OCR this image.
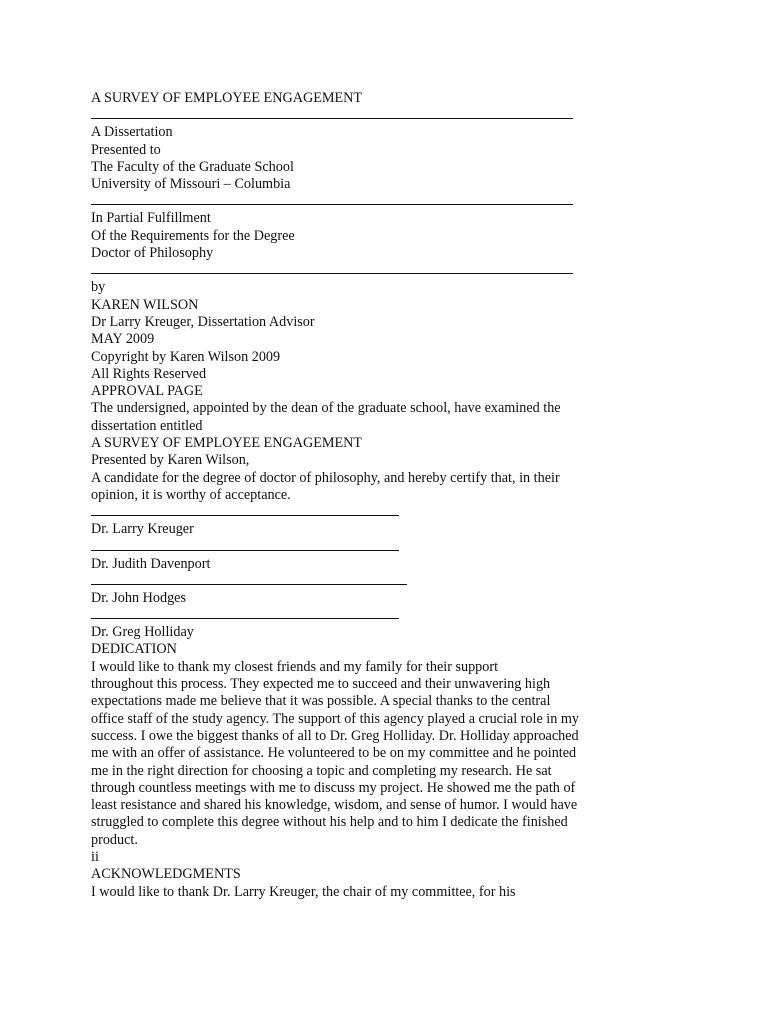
A SURVEY OF EMPLOYEE ENGAGEMENT
A Dissertation
Presented to
The Faculty of the Graduate School
University of Missouri – Columbia
In Partial Fulfillment
Of the Requirements for the Degree
Doctor of Philosophy
by
KAREN WILSON
Dr Larry Kreuger, Dissertation Advisor
MAY 2009
Copyright by Karen Wilson 2009
All Rights Reserved
APPROVAL PAGE
The undersigned, appointed by the dean of the graduate school, have examined the
dissertation entitled
A SURVEY OF EMPLOYEE ENGAGEMENT
Presented by Karen Wilson,
A candidate for the degree of doctor of philosophy, and hereby certify that, in their
opinion, it is worthy of acceptance.
Dr. Larry Kreuger
Dr. Judith Davenport
Dr. John Hodges
Dr. Greg Holliday
DEDICATION
I would like to thank my closest friends and my family for their support
throughout this process. They expected me to succeed and their unwavering high
expectations made me believe that it was possible. A special thanks to the central
office staff of the study agency. The support of this agency played a crucial role in my
success. I owe the biggest thanks of all to Dr. Greg Holliday. Dr. Holliday approached
me with an offer of assistance. He volunteered to be on my committee and he pointed
me in the right direction for choosing a topic and completing my research. He sat
through countless meetings with me to discuss my project. He showed me the path of
least resistance and shared his knowledge, wisdom, and sense of humor. I would have
struggled to complete this degree without his help and to him I dedicate the finished
product.
ii
ACKNOWLEDGMENTS
I would like to thank Dr. Larry Kreuger, the chair of my committee, for his
